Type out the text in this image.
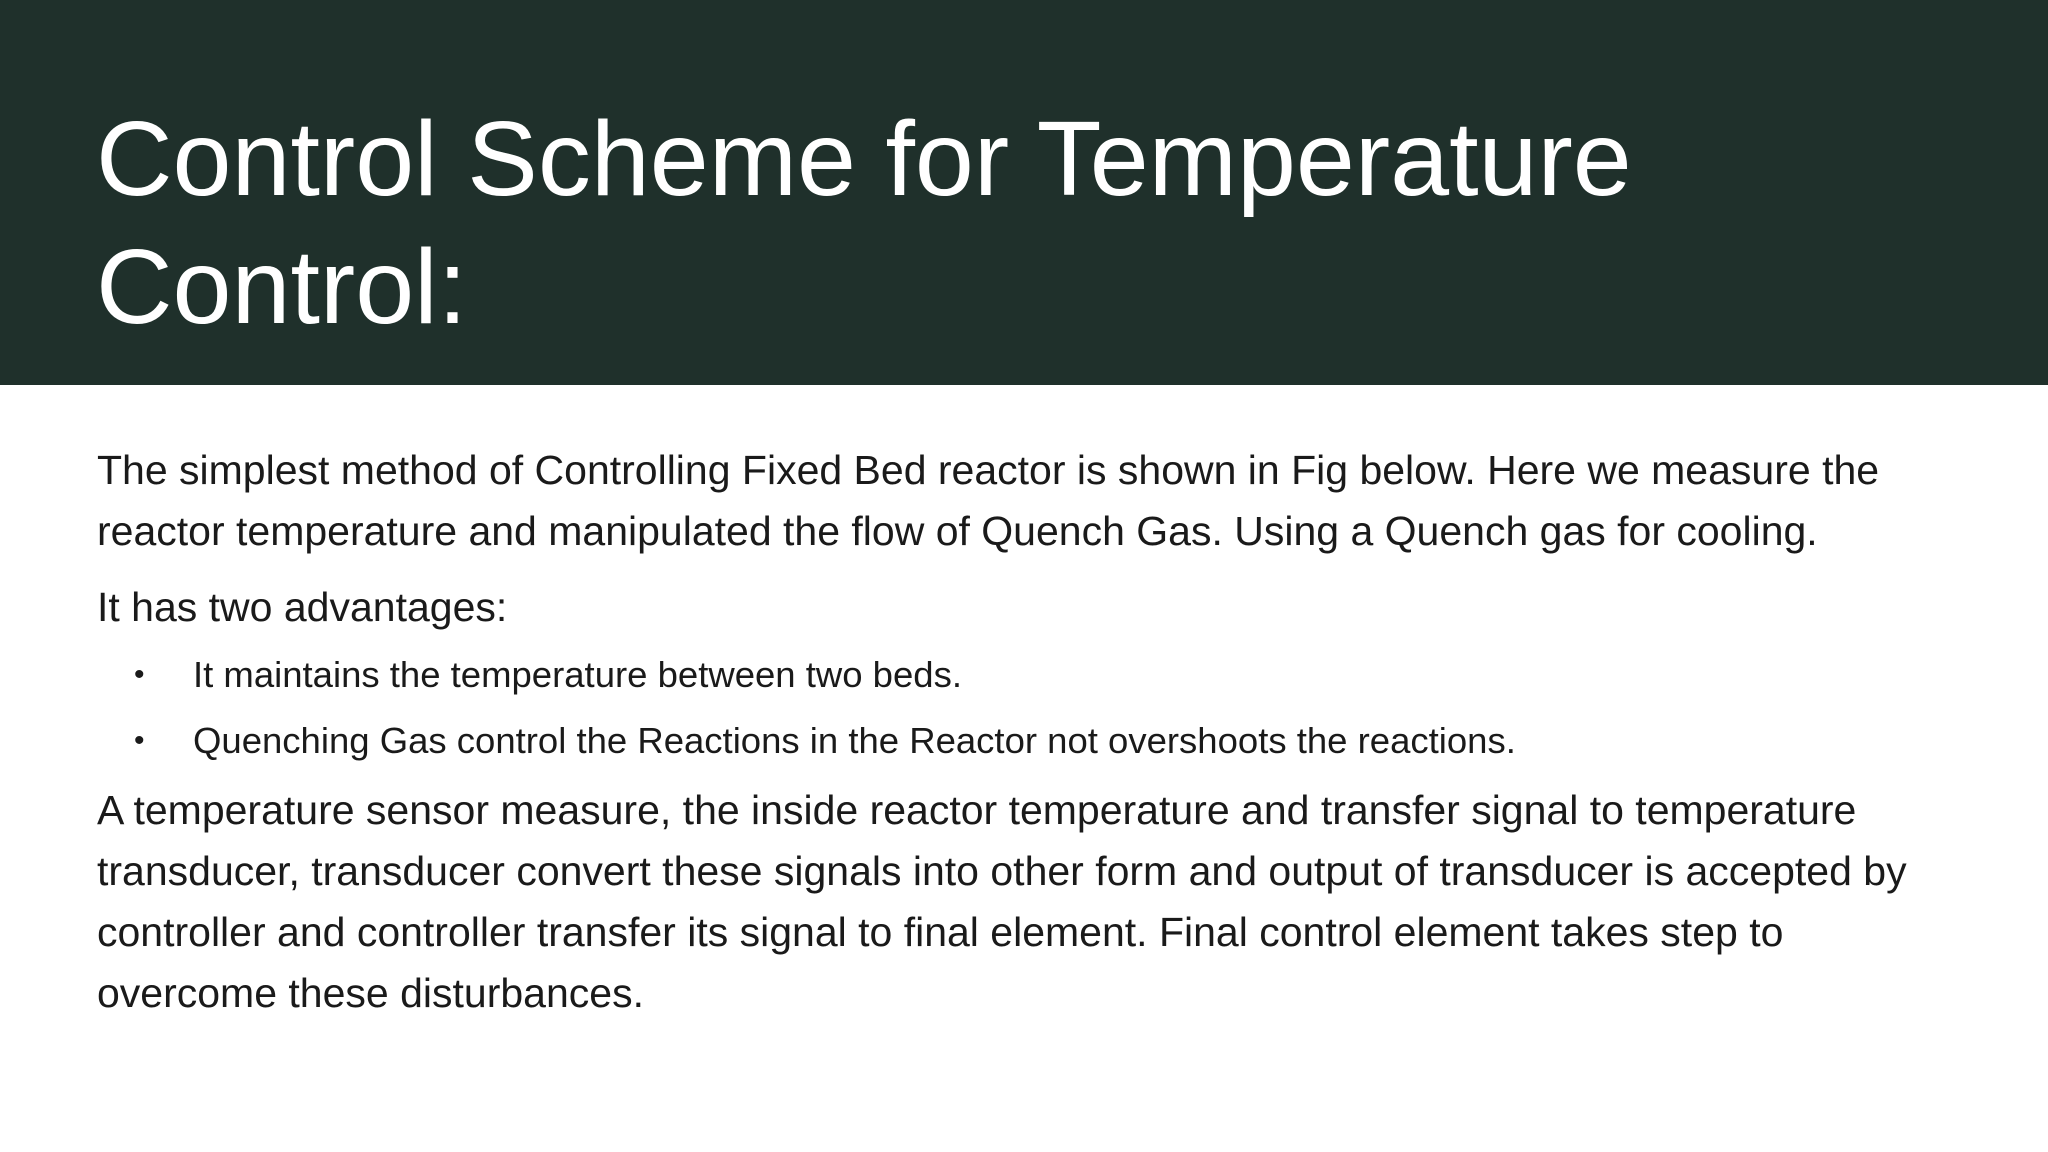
Control Scheme for Temperature Control:

The simplest method of Controlling Fixed Bed reactor is shown in Fig below. Here we measure the reactor temperature and manipulated the flow of Quench Gas. Using a Quench gas for cooling.

It has two advantages:

• It maintains the temperature between two beds.
• Quenching Gas control the Reactions in the Reactor not overshoots the reactions.

A temperature sensor measure, the inside reactor temperature and transfer signal to temperature transducer, transducer convert these signals into other form and output of transducer is accepted by controller and controller transfer its signal to final element. Final control element takes step to overcome these disturbances.
